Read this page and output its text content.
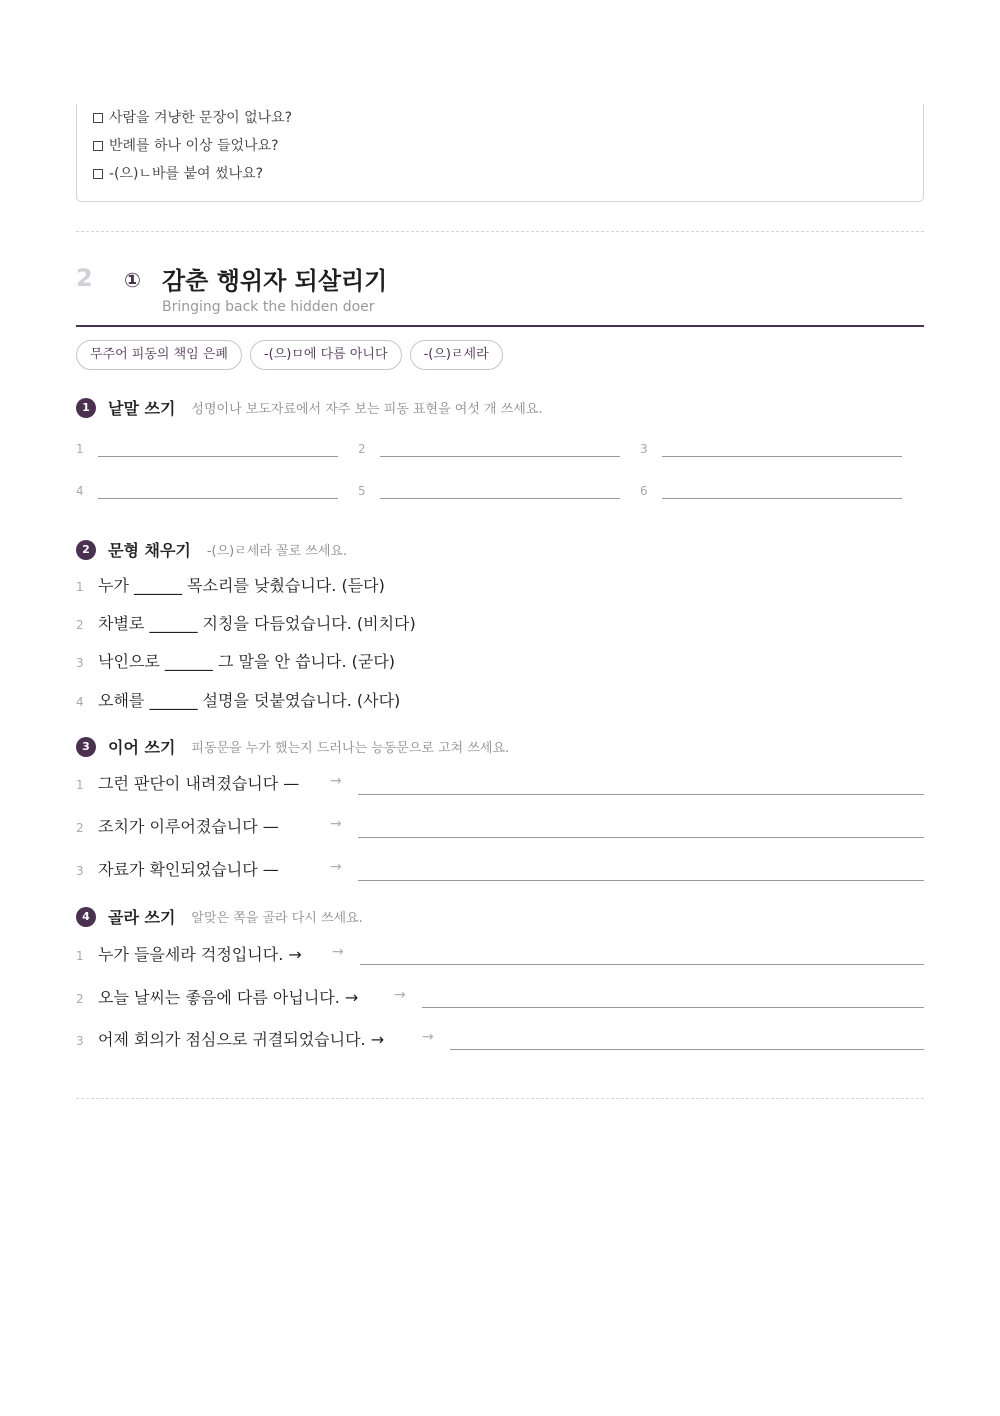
사람을 겨냥한 문장이 없나요?
반례를 하나 이상 들었나요?
-(으)ㄴ바를 붙여 썼나요?
2 ① 감춘 행위자 되살리기
Bringing back the hidden doer
무주어 피동의 책임 은폐	-(으)ㅁ에 다름 아니다	-(으)ㄹ세라
1	낱말 쓰기 성명이나 보도자료에서 자주 보는 피동 표현을 여섯 개 쓰세요.
1	2	3
4	5	6
2	문형 채우기 -(으)ㄹ세라 꼴로 쓰세요.
1 누가 ______ 목소리를 낮췄습니다. (듣다)
2 차별로 ______ 지칭을 다듬었습니다. (비치다)
3 낙인으로 ______ 그 말을 안 씁니다. (굳다)
4 오해를 ______ 설명을 덧붙였습니다. (사다)
3	이어 쓰기 피동문을 누가 했는지 드러나는 능동문으로 고쳐 쓰세요.
1 그런 판단이 내려졌습니다 — →
2 조치가 이루어졌습니다 —	→
3 자료가 확인되었습니다 —	→
4	골라 쓰기 알맞은 쪽을 골라 다시 쓰세요.
1 누가 들을세라 걱정입니다. → →
2 오늘 날씨는 좋음에 다름 아닙니다. →	→
3 어제 회의가 점심으로 귀결되었습니다. →	→
